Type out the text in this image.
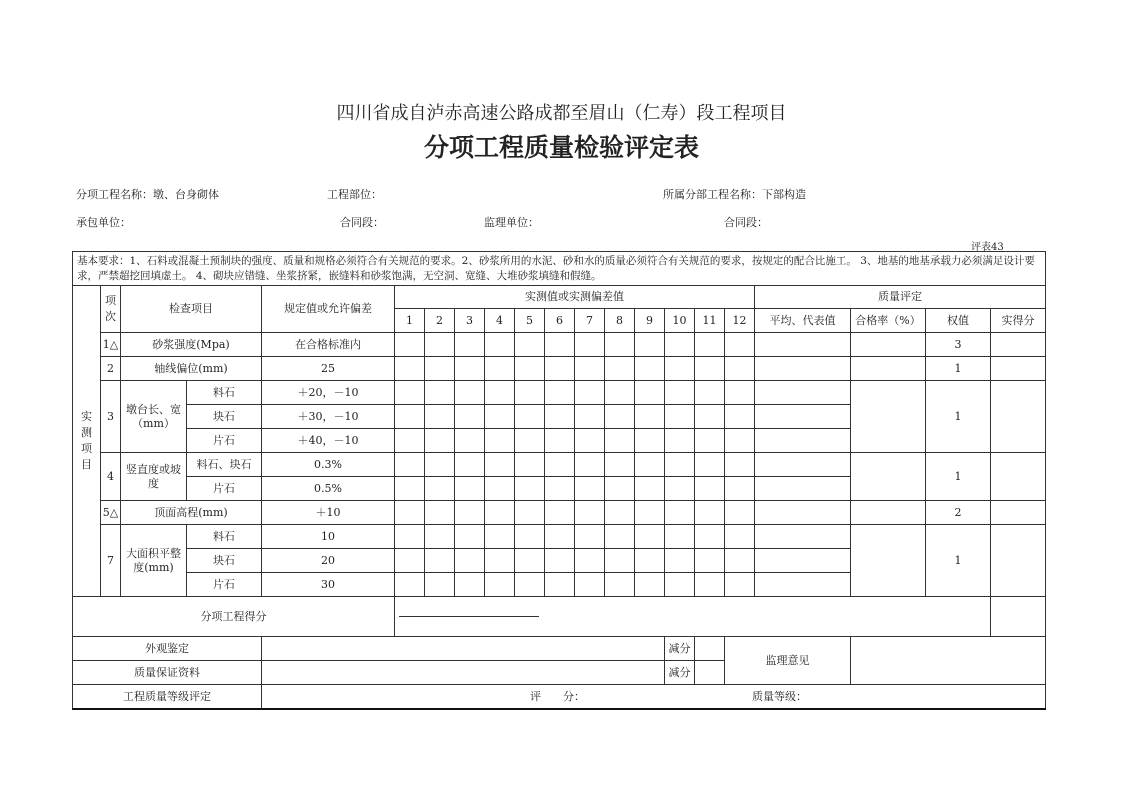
四川省成自泸赤高速公路成都至眉山（仁寿）段工程项目
分项工程质量检验评定表
分项工程名称：墩、台身砌体	工程部位：	所属分部工程名称：下部构造
承包单位：	合同段：	监理单位：	合同段：
评表43
基本要求：1、石料或混凝土预制块的强度、质量和规格必须符合有关规范的要求。2、砂浆所用的水泥、砂和水的质量必须符合有关规范的要求，按规定的配合比施工。 3、地基的地基承载力必须满足设计要求，严禁超挖回填虚土。 4、砌块应错缝、坐浆挤紧，嵌缝料和砂浆饱满，无空洞、宽缝、大堆砂浆填缝和假缝。																				
实测项目	项次	检查项目		规定值或允许偏差	实测值或实测偏差值												质量评定			
					1	2	3	4	5	6	7	8	9	10	11	12	平均、代表值	合格率（%）	权值	实得分
	1△	砂浆强度(Mpa)		在合格标准内															3	
	2	轴线偏位(mm)		25															1	
	3	墩台长、宽（mm）	料石	＋20，－10															1	
			块石	＋30，－10																
			片石	＋40，－10																
	4	竖直度或坡度	料石、块石	0.3%															1	
			片石	0.5%																
	5△	顶面高程(mm)		＋10															2	
	7	大面积平整度(mm)	料石	10															1	
			块石	20																
			片石	30																
分项工程得分																			

外观鉴定														减分		监理意见				
质量保证资料														减分						
工程质量等级评定				评　　分： 质量等级：																
